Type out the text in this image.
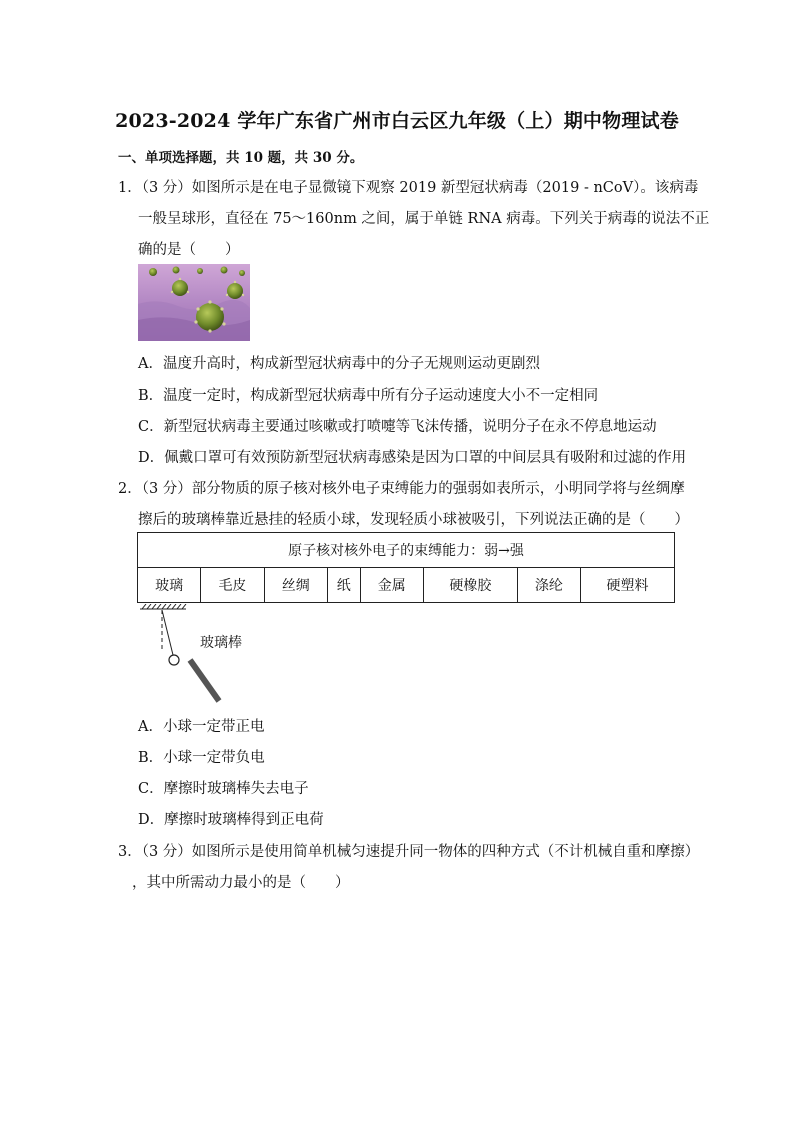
2023-2024 学年广东省广州市白云区九年级（上）期中物理试卷
一、单项选择题，共 10 题，共 30 分。
1．（3 分）如图所示是在电子显微镜下观察 2019 新型冠状病毒（2019 - nCoV）。该病毒
一般呈球形，直径在 75～160nm 之间，属于单链 RNA 病毒。下列关于病毒的说法不正
确的是（　　）
A．温度升高时，构成新型冠状病毒中的分子无规则运动更剧烈
B．温度一定时，构成新型冠状病毒中所有分子运动速度大小不一定相同
C．新型冠状病毒主要通过咳嗽或打喷嚏等飞沫传播，说明分子在永不停息地运动
D．佩戴口罩可有效预防新型冠状病毒感染是因为口罩的中间层具有吸附和过滤的作用
2．（3 分）部分物质的原子核对核外电子束缚能力的强弱如表所示，小明同学将与丝绸摩
擦后的玻璃棒靠近悬挂的轻质小球，发现轻质小球被吸引，下列说法正确的是（　　）
原子核对核外电子的束缚能力：弱→强
玻璃	毛皮	丝绸	纸	金属	硬橡胶	涤纶	硬塑料
玻璃棒
A．小球一定带正电
B．小球一定带负电
C．摩擦时玻璃棒失去电子
D．摩擦时玻璃棒得到正电荷
3．（3 分）如图所示是使用简单机械匀速提升同一物体的四种方式（不计机械自重和摩擦）
，其中所需动力最小的是（　　）
